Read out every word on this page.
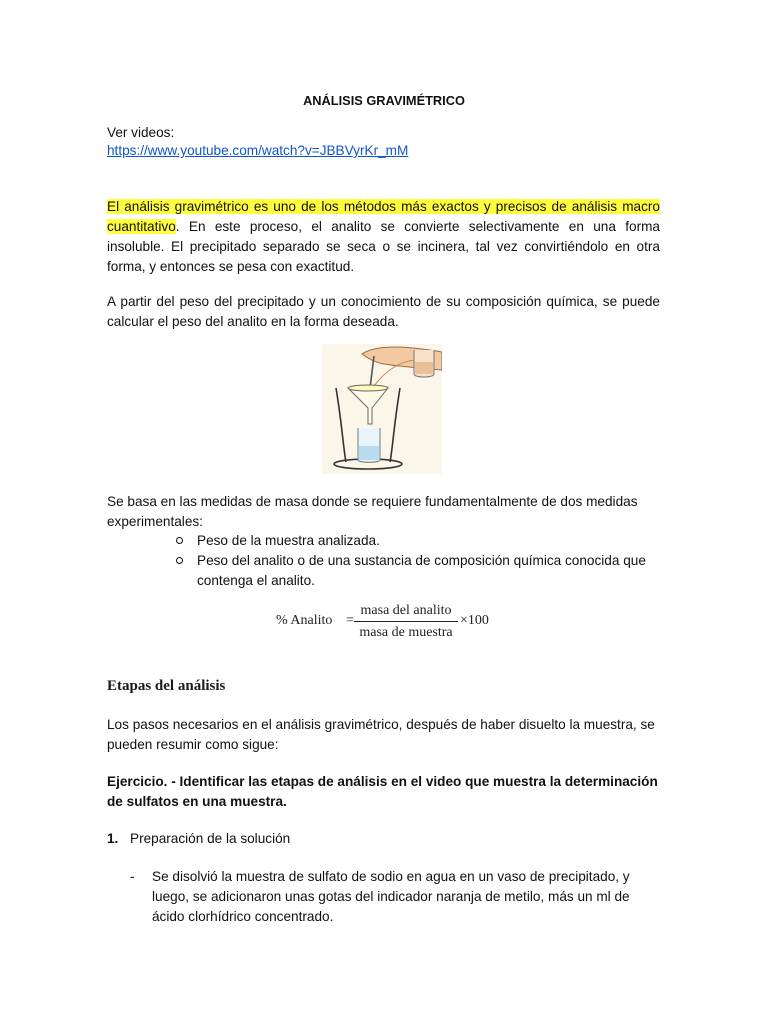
ANÁLISIS GRAVIMÉTRICO
Ver videos:
https://www.youtube.com/watch?v=JBBVyrKr_mM
El análisis gravimétrico es uno de los métodos más exactos y precisos de análisis macro cuantitativo. En este proceso, el analito se convierte selectivamente en una forma insoluble. El precipitado separado se seca o se incinera, tal vez convirtiéndolo en otra forma, y entonces se pesa con exactitud.
A partir del peso del precipitado y un conocimiento de su composición química, se puede calcular el peso del analito en la forma deseada.
Se basa en las medidas de masa donde se requiere fundamentalmente de dos medidas experimentales:
Peso de la muestra analizada.
Peso del analito o de una sustancia de composición química conocida que contenga el analito.
% Analito =
masa del analito
masa de muestra
×100
Etapas del análisis
Los pasos necesarios en el análisis gravimétrico, después de haber disuelto la muestra, se pueden resumir como sigue:
Ejercicio. - Identificar las etapas de análisis en el video que muestra la determinación de sulfatos en una muestra.
1. Preparación de la solución
- Se disolvió la muestra de sulfato de sodio en agua en un vaso de precipitado, y luego, se adicionaron unas gotas del indicador naranja de metilo, más un ml de ácido clorhídrico concentrado.
